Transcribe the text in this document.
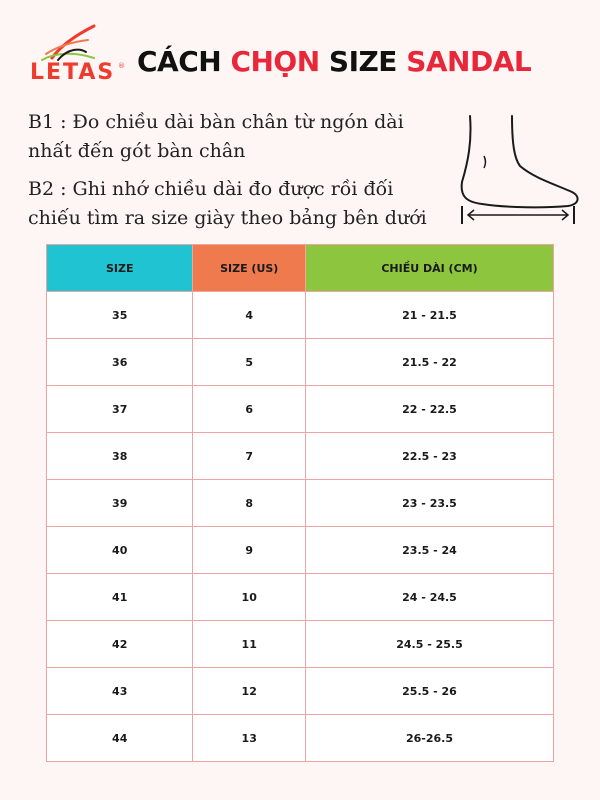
LETAS ® CÁCH CHỌN SIZE SANDAL

B1 : Đo chiều dài bàn chân từ ngón dài nhất đến gót bàn chân

B2 : Ghi nhớ chiều dài đo được rồi đối chiếu tìm ra size giày theo bảng bên dưới

SIZE	SIZE (US)	CHIỀU DÀI (CM)
35	4	21 - 21.5
36	5	21.5 - 22
37	6	22 - 22.5
38	7	22.5 - 23
39	8	23 - 23.5
40	9	23.5 - 24
41	10	24 - 24.5
42	11	24.5 - 25.5
43	12	25.5 - 26
44	13	26-26.5
